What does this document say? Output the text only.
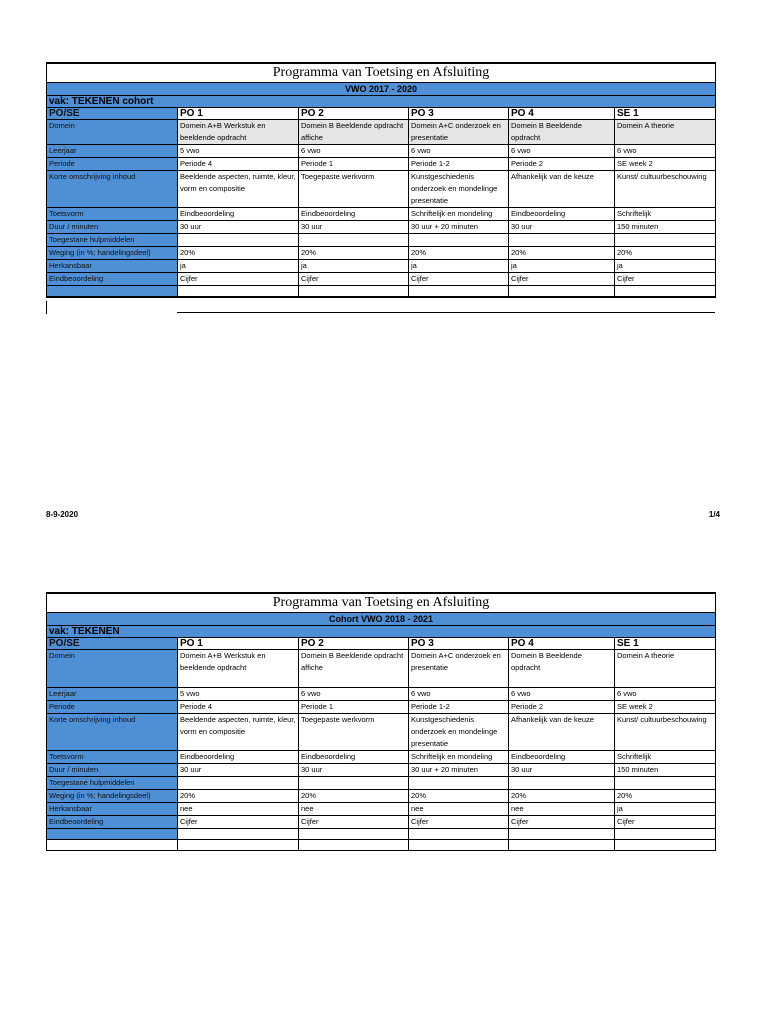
Programma van Toetsing en Afsluiting					
VWO 2017 - 2020					
vak: TEKENEN cohort					
PO/SE	PO 1	PO 2	PO 3	PO 4	SE 1
Domein	Domein A+B Werkstuk en beeldende opdracht	Domein B Beeldende opdracht affiche	Domein A+C onderzoek en presentatie	Domein B Beeldende opdracht	Domein A theorie
Leerjaar	5 vwo	6 vwo	6 vwo	6 vwo	6 vwo
Periode	Periode 4	Periode 1	Periode 1-2	Periode 2	SE week 2
Korte omschrijving inhoud	Beeldende aspecten, ruimte, kleur, vorm en compositie	Toegepaste werkvorm	Kunstgeschiedenis onderzoek en mondelinge presentatie	Afhankelijk van de keuze	Kunst/ cultuurbeschouwing
Toetsvorm	Eindbeoordeling	Eindbeoordeling	Schriftelijk en mondeling	Eindbeoordeling	Schriftelijk
Duur / minuten	30 uur	30 uur	30 uur + 20 minuten	30 uur	150 minuten
Toegestane hulpmiddelen					
Weging (in %; handelingsdeel)	20%	20%	20%	20%	20%
Herkansbaar	ja	ja	ja	ja	ja
Eindbeoordeling	Cijfer	Cijfer	Cijfer	Cijfer	Cijfer

8-9-2020	1/4
Programma van Toetsing en Afsluiting					
Cohort VWO 2018 - 2021					
vak: TEKENEN					
PO/SE	PO 1	PO 2	PO 3	PO 4	SE 1
Domein	Domein A+B Werkstuk en beeldende opdracht	Domein B Beeldende opdracht affiche	Domein A+C onderzoek en presentatie	Domein B Beeldende opdracht	Domein A theorie
Leerjaar	5 vwo	6 vwo	6 vwo	6 vwo	6 vwo
Periode	Periode 4	Periode 1	Periode 1-2	Periode 2	SE week 2
Korte omschrijving inhoud	Beeldende aspecten, ruimte, kleur, vorm en compositie	Toegepaste werkvorm	Kunstgeschiedenis onderzoek en mondelinge presentatie	Afhankelijk van de keuze	Kunst/ cultuurbeschouwing
Toetsvorm	Eindbeoordeling	Eindbeoordeling	Schriftelijk en mondeling	Eindbeoordeling	Schriftelijk
Duur / minuten	30 uur	30 uur	30 uur + 20 minuten	30 uur	150 minuten
Toegestane hulpmiddelen					
Weging (in %; handelingsdeel)	20%	20%	20%	20%	20%
Herkansbaar	nee	nee	nee	nee	ja
Eindbeoordeling	Cijfer	Cijfer	Cijfer	Cijfer	Cijfer
